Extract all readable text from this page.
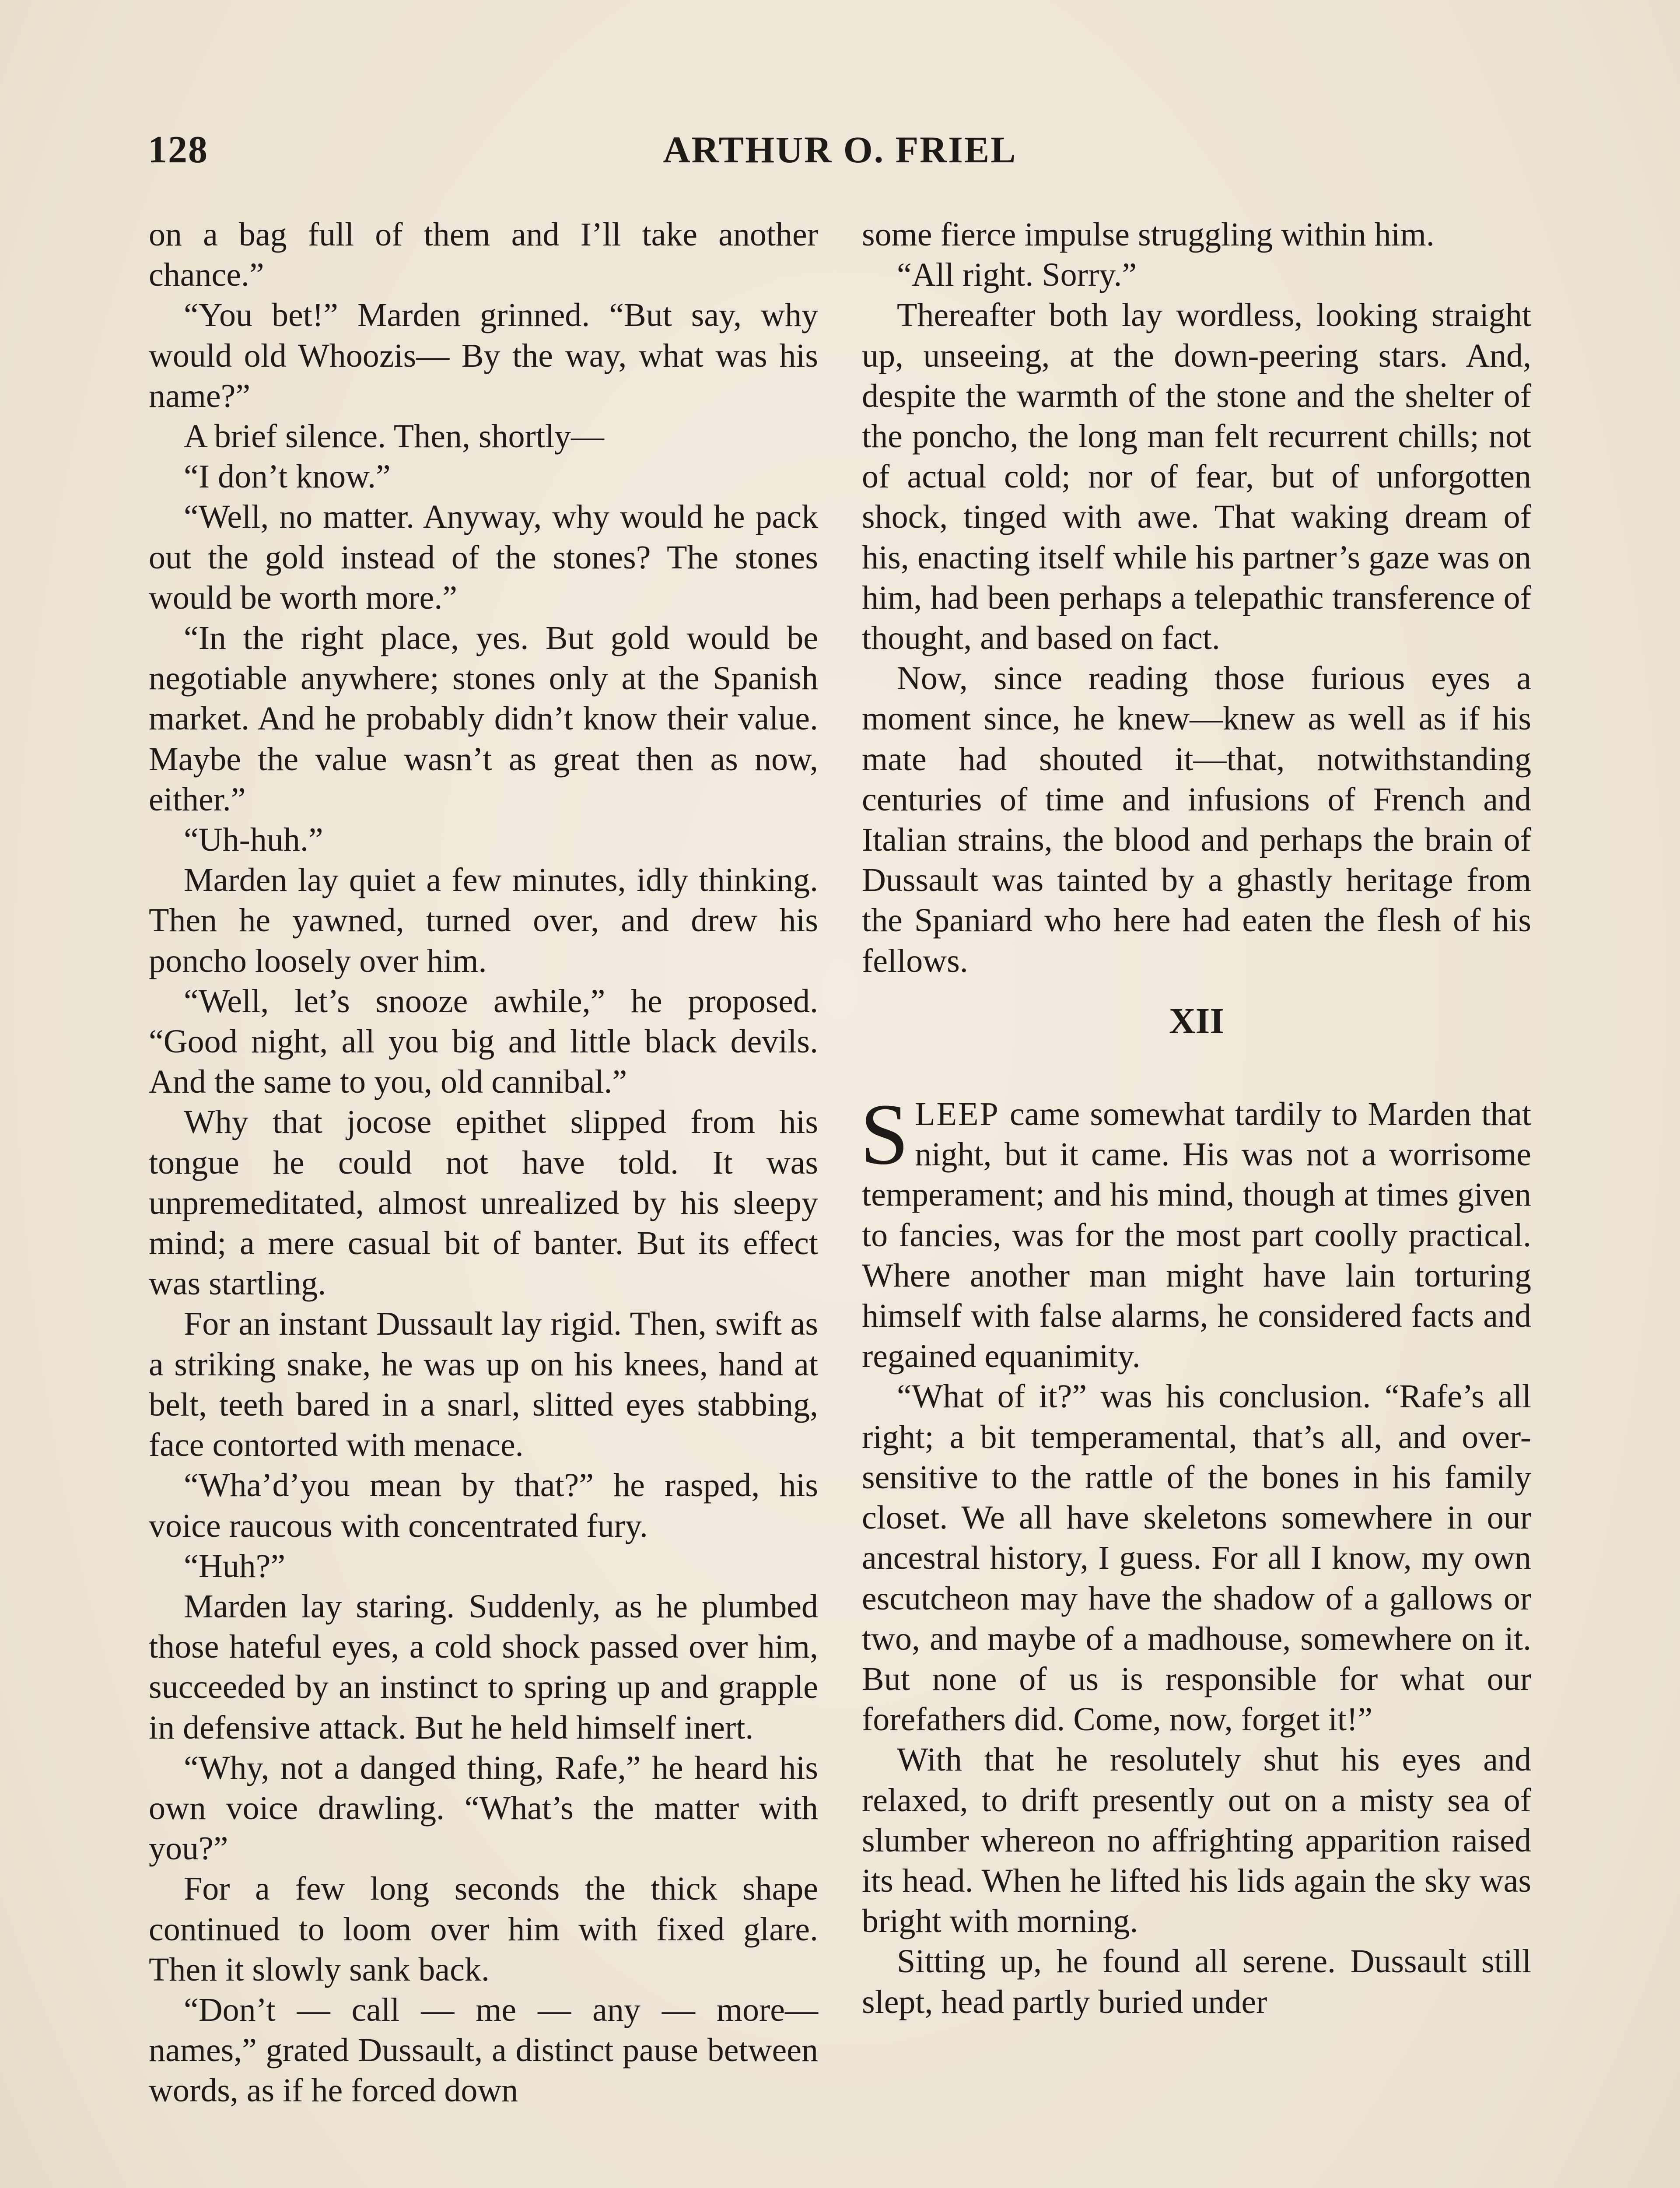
128	ARTHUR O. FRIEL

on a bag full of them and I’ll take another chance.”

“You bet!” Marden grinned. “But say, why would old Whoozis— By the way, what was his name?”

A brief silence. Then, shortly—

“I don’t know.”

“Well, no matter. Anyway, why would he pack out the gold instead of the stones? The stones would be worth more.”

“In the right place, yes. But gold would be negotiable anywhere; stones only at the Spanish market. And he probably didn’t know their value. Maybe the value wasn’t as great then as now, either.”

“Uh-huh.”

Marden lay quiet a few minutes, idly thinking. Then he yawned, turned over, and drew his poncho loosely over him.

“Well, let’s snooze awhile,” he proposed. “Good night, all you big and little black devils. And the same to you, old cannibal.”

Why that jocose epithet slipped from his tongue he could not have told. It was unpremeditated, almost unrealized by his sleepy mind; a mere casual bit of banter. But its effect was startling.

For an instant Dussault lay rigid. Then, swift as a striking snake, he was up on his knees, hand at belt, teeth bared in a snarl, slitted eyes stabbing, face contorted with menace.

“Wha’d’you mean by that?” he rasped, his voice raucous with concentrated fury.

“Huh?”

Marden lay staring. Suddenly, as he plumbed those hateful eyes, a cold shock passed over him, succeeded by an instinct to spring up and grapple in defensive attack. But he held himself inert.

“Why, not a danged thing, Rafe,” he heard his own voice drawling. “What’s the matter with you?”

For a few long seconds the thick shape continued to loom over him with fixed glare. Then it slowly sank back.

“Don’t — call — me — any — more— names,” grated Dussault, a distinct pause between words, as if he forced down

some fierce impulse struggling within him.

“All right. Sorry.”

Thereafter both lay wordless, looking straight up, unseeing, at the down-peering stars. And, despite the warmth of the stone and the shelter of the poncho, the long man felt recurrent chills; not of actual cold; nor of fear, but of unforgotten shock, tinged with awe. That waking dream of his, enacting itself while his partner’s gaze was on him, had been perhaps a telepathic transference of thought, and based on fact.

Now, since reading those furious eyes a moment since, he knew—knew as well as if his mate had shouted it—that, notwithstanding centuries of time and infusions of French and Italian strains, the blood and perhaps the brain of Dussault was tainted by a ghastly heritage from the Spaniard who here had eaten the flesh of his fellows.

XII

SLEEP came somewhat tardily to Marden that night, but it came. His was not a worrisome temperament; and his mind, though at times given to fancies, was for the most part coolly practical. Where another man might have lain torturing himself with false alarms, he considered facts and regained equanimity.

“What of it?” was his conclusion. “Rafe’s all right; a bit temperamental, that’s all, and over-sensitive to the rattle of the bones in his family closet. We all have skeletons somewhere in our ancestral history, I guess. For all I know, my own escutcheon may have the shadow of a gallows or two, and maybe of a madhouse, somewhere on it. But none of us is responsible for what our forefathers did. Come, now, forget it!”

With that he resolutely shut his eyes and relaxed, to drift presently out on a misty sea of slumber whereon no affrighting apparition raised its head. When he lifted his lids again the sky was bright with morning.

Sitting up, he found all serene. Dussault still slept, head partly buried under
